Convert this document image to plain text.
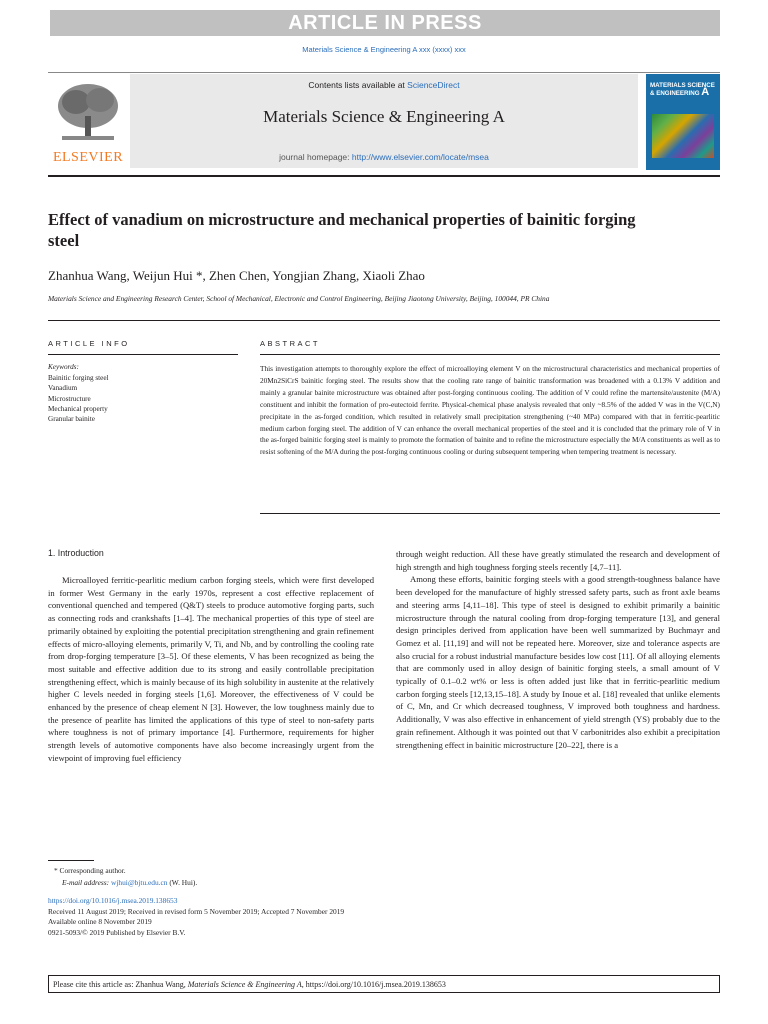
ARTICLE IN PRESS
Materials Science & Engineering A xxx (xxxx) xxx
ELSEVIER
Contents lists available at ScienceDirect
Materials Science & Engineering A
journal homepage: http://www.elsevier.com/locate/msea
MATERIALS SCIENCE & ENGINEERING A
Effect of vanadium on microstructure and mechanical properties of bainitic forging steel
Zhanhua Wang, Weijun Hui *, Zhen Chen, Yongjian Zhang, Xiaoli Zhao
Materials Science and Engineering Research Center, School of Mechanical, Electronic and Control Engineering, Beijing Jiaotong University, Beijing, 100044, PR China
ARTICLE INFO	ABSTRACT
Keywords:
Bainitic forging steel
Vanadium
Microstructure
Mechanical property
Granular bainite
This investigation attempts to thoroughly explore the effect of microalloying element V on the microstructural characteristics and mechanical properties of 20Mn2SiCrS bainitic forging steel. The results show that the cooling rate range of bainitic transformation was broadened with a 0.13% V addition and mainly a granular bainite microstructure was obtained after post-forging continuous cooling. The addition of V could refine the martensite/austenite (M/A) constituent and inhibit the formation of pro-eutectoid ferrite. Physical-chemical phase analysis revealed that only ~8.5% of the added V was in the V(C,N) precipitate in the as-forged condition, which resulted in relatively small precipitation strengthening (~40 MPa) compared with that in ferritic-pearlitic medium carbon forging steel. The addition of V can enhance the overall mechanical properties of the steel and it is concluded that the primary role of V in the as-forged bainitic forging steel is mainly to promote the formation of bainite and to refine the microstructure especially the M/A constituents as well as to resist softening of the M/A during the post-forging continuous cooling or during subsequent tempering when tempering treatment is necessary.
1. Introduction

Microalloyed ferritic-pearlitic medium carbon forging steels, which were first developed in former West Germany in the early 1970s, represent a cost effective replacement of conventional quenched and tempered (Q&T) steels to produce automotive forging parts, such as connecting rods and crankshafts [1–4]. The mechanical properties of this type of steel are primarily obtained by exploiting the potential precipitation strengthening and grain refinement effects of micro-alloying elements, primarily V, Ti, and Nb, and by controlling the cooling rate from drop-forging temperature [3–5]. Of these elements, V has been recognized as being the most suitable and effective addition due to its strong and easily controllable precipitation strengthening effect, which is mainly because of its high solubility in austenite at the relatively higher C levels needed in forging steels [1,6]. Moreover, the effectiveness of V could be enhanced by the presence of cheap element N [3]. However, the low toughness mainly due to the presence of pearlite has limited the applications of this type of steel to non-safety parts where toughness is not of primary importance [4]. Furthermore, requirements for higher strength levels of automotive components have also become increasingly urgent from the viewpoint of improving fuel efficiency

through weight reduction. All these have greatly stimulated the research and development of high strength and high toughness forging steels recently [4,7–11].

Among these efforts, bainitic forging steels with a good strength-toughness balance have been developed for the manufacture of highly stressed safety parts, such as front axle beams and steering arms [4,11–18]. This type of steel is designed to exhibit primarily a bainitic microstructure through the natural cooling from drop-forging temperature [13], and general design principles derived from application have been well summarized by Buchmayr and Gomez et al. [11,19] and will not be repeated here. Moreover, size and tolerance aspects are also crucial for a robust industrial manufacture besides low cost [11]. Of all alloying elements that are commonly used in alloy design of bainitic forging steels, a small amount of V typically of 0.1–0.2 wt% or less is often added just like that in ferritic-pearlitic medium carbon forging steels [12,13,15–18]. A study by Inoue et al. [18] revealed that unlike elements of C, Mn, and Cr which decreased toughness, V improved both toughness and hardness. Additionally, V was also effective in enhancement of yield strength (YS) probably due to the grain refinement. Although it was pointed out that V carbonitrides also exhibit a precipitation strengthening effect in bainitic microstructure [20–22], there is a

* Corresponding author.
E-mail address: wjhui@bjtu.edu.cn (W. Hui).
https://doi.org/10.1016/j.msea.2019.138653
Received 11 August 2019; Received in revised form 5 November 2019; Accepted 7 November 2019
Available online 8 November 2019
0921-5093/© 2019 Published by Elsevier B.V.
Please cite this article as: Zhanhua Wang, Materials Science & Engineering A, https://doi.org/10.1016/j.msea.2019.138653
